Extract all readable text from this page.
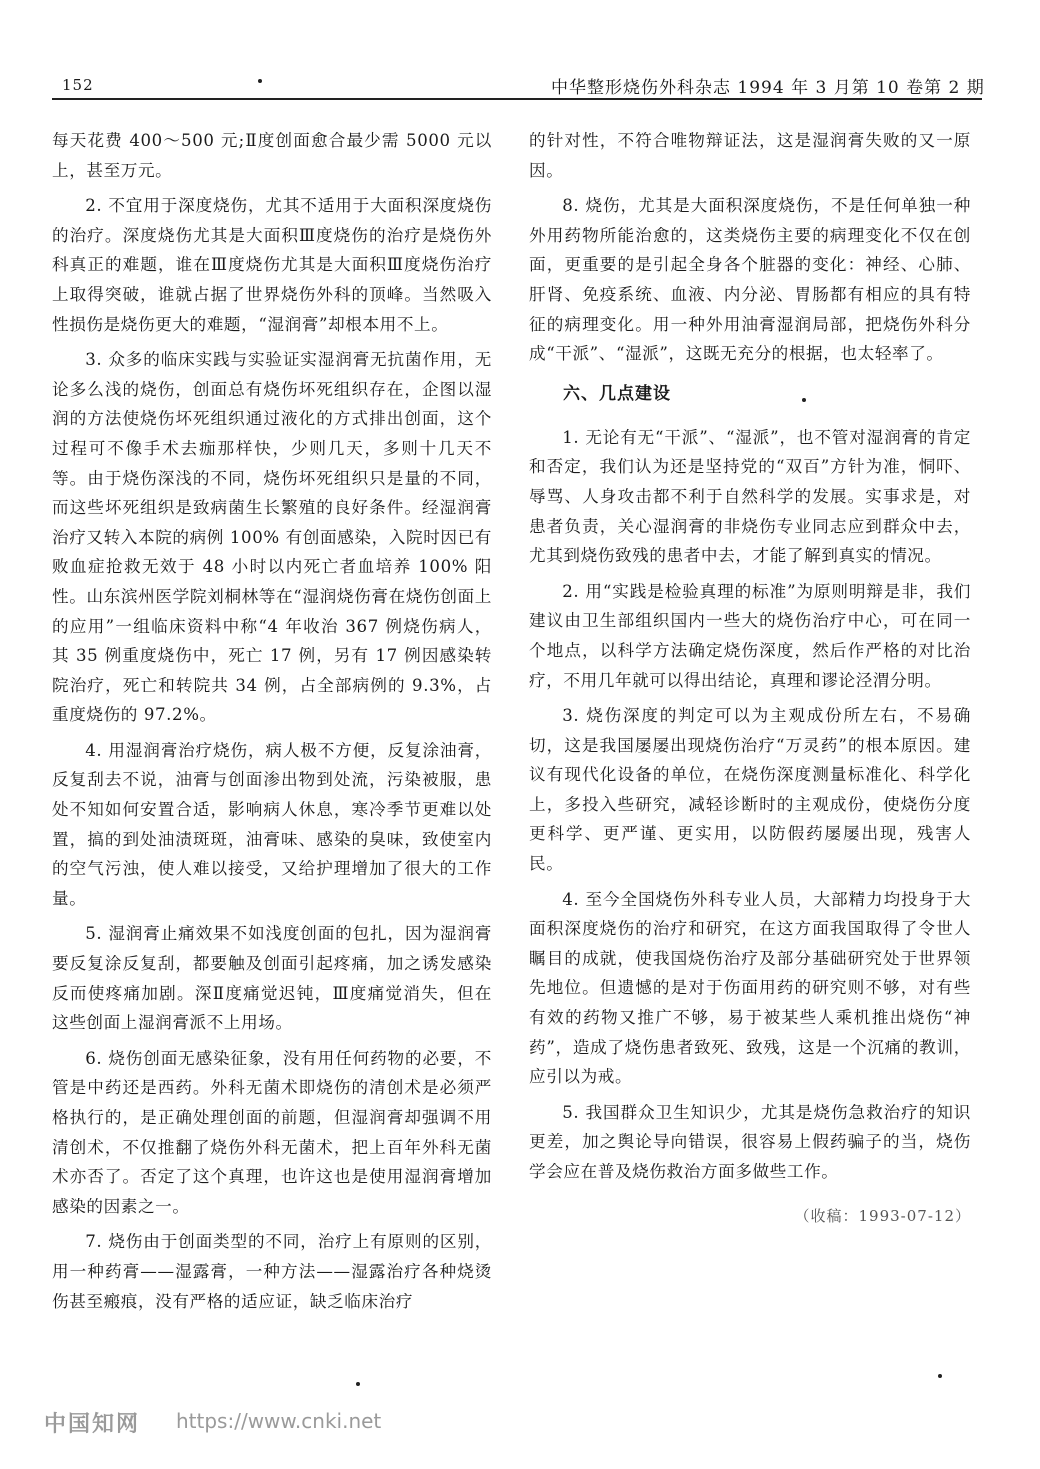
152	中华整形烧伤外科杂志 1994 年 3 月第 10 卷第 2 期

每天花费 400～500 元;Ⅱ度创面愈合最少需 5000 元以上，甚至万元。

2. 不宜用于深度烧伤，尤其不适用于大面积深度烧伤的治疗。深度烧伤尤其是大面积Ⅲ度烧伤的治疗是烧伤外科真正的难题，谁在Ⅲ度烧伤尤其是大面积Ⅲ度烧伤治疗上取得突破，谁就占据了世界烧伤外科的顶峰。当然吸入性损伤是烧伤更大的难题，“湿润膏”却根本用不上。

3. 众多的临床实践与实验证实湿润膏无抗菌作用，无论多么浅的烧伤，创面总有烧伤坏死组织存在，企图以湿润的方法使烧伤坏死组织通过液化的方式排出创面，这个过程可不像手术去痂那样快，少则几天，多则十几天不等。由于烧伤深浅的不同，烧伤坏死组织只是量的不同，而这些坏死组织是致病菌生长繁殖的良好条件。经湿润膏治疗又转入本院的病例 100% 有创面感染，入院时因已有败血症抢救无效于 48 小时以内死亡者血培养 100% 阳性。山东滨州医学院刘桐林等在“湿润烧伤膏在烧伤创面上的应用”一组临床资料中称“4 年收治 367 例烧伤病人，其 35 例重度烧伤中，死亡 17 例，另有 17 例因感染转院治疗，死亡和转院共 34 例，占全部病例的 9.3%，占重度烧伤的 97.2%。

4. 用湿润膏治疗烧伤，病人极不方便，反复涂油膏，反复刮去不说，油膏与创面渗出物到处流，污染被服，患处不知如何安置合适，影响病人休息，寒冷季节更难以处置，搞的到处油渍斑斑，油膏味、感染的臭味，致使室内的空气污浊，使人难以接受，又给护理增加了很大的工作量。

5. 湿润膏止痛效果不如浅度创面的包扎，因为湿润膏要反复涂反复刮，都要触及创面引起疼痛，加之诱发感染反而使疼痛加剧。深Ⅱ度痛觉迟钝，Ⅲ度痛觉消失，但在这些创面上湿润膏派不上用场。

6. 烧伤创面无感染征象，没有用任何药物的必要，不管是中药还是西药。外科无菌术即烧伤的清创术是必须严格执行的，是正确处理创面的前题，但湿润膏却强调不用清创术，不仅推翻了烧伤外科无菌术，把上百年外科无菌术亦否了。否定了这个真理，也许这也是使用湿润膏增加感染的因素之一。

7. 烧伤由于创面类型的不同，治疗上有原则的区别，用一种药膏——湿露膏，一种方法——湿露治疗各种烧烫伤甚至瘢痕，没有严格的适应证，缺乏临床治疗

的针对性，不符合唯物辩证法，这是湿润膏失败的又一原因。

8. 烧伤，尤其是大面积深度烧伤，不是任何单独一种外用药物所能治愈的，这类烧伤主要的病理变化不仅在创面，更重要的是引起全身各个脏器的变化：神经、心肺、肝肾、免疫系统、血液、内分泌、胃肠都有相应的具有特征的病理变化。用一种外用油膏湿润局部，把烧伤外科分成“干派”、“湿派”，这既无充分的根据，也太轻率了。

六、几点建设

1. 无论有无“干派”、“湿派”，也不管对湿润膏的肯定和否定，我们认为还是坚持党的“双百”方针为准，恫吓、辱骂、人身攻击都不利于自然科学的发展。实事求是，对患者负责，关心湿润膏的非烧伤专业同志应到群众中去，尤其到烧伤致残的患者中去，才能了解到真实的情况。

2. 用“实践是检验真理的标准”为原则明辩是非，我们建议由卫生部组织国内一些大的烧伤治疗中心，可在同一个地点，以科学方法确定烧伤深度，然后作严格的对比治疗，不用几年就可以得出结论，真理和谬论泾渭分明。

3. 烧伤深度的判定可以为主观成份所左右，不易确切，这是我国屡屡出现烧伤治疗“万灵药”的根本原因。建议有现代化设备的单位，在烧伤深度测量标准化、科学化上，多投入些研究，减轻诊断时的主观成份，使烧伤分度更科学、更严谨、更实用，以防假药屡屡出现，残害人民。

4. 至今全国烧伤外科专业人员，大部精力均投身于大面积深度烧伤的治疗和研究，在这方面我国取得了令世人瞩目的成就，使我国烧伤治疗及部分基础研究处于世界领先地位。但遗憾的是对于伤面用药的研究则不够，对有些有效的药物又推广不够，易于被某些人乘机推出烧伤“神药”，造成了烧伤患者致死、致残，这是一个沉痛的教训，应引以为戒。

5. 我国群众卫生知识少，尤其是烧伤急救治疗的知识更差，加之舆论导向错误，很容易上假药骗子的当，烧伤学会应在普及烧伤救治方面多做些工作。

（收稿：1993-07-12）
中国知网 https://www.cnki.net
